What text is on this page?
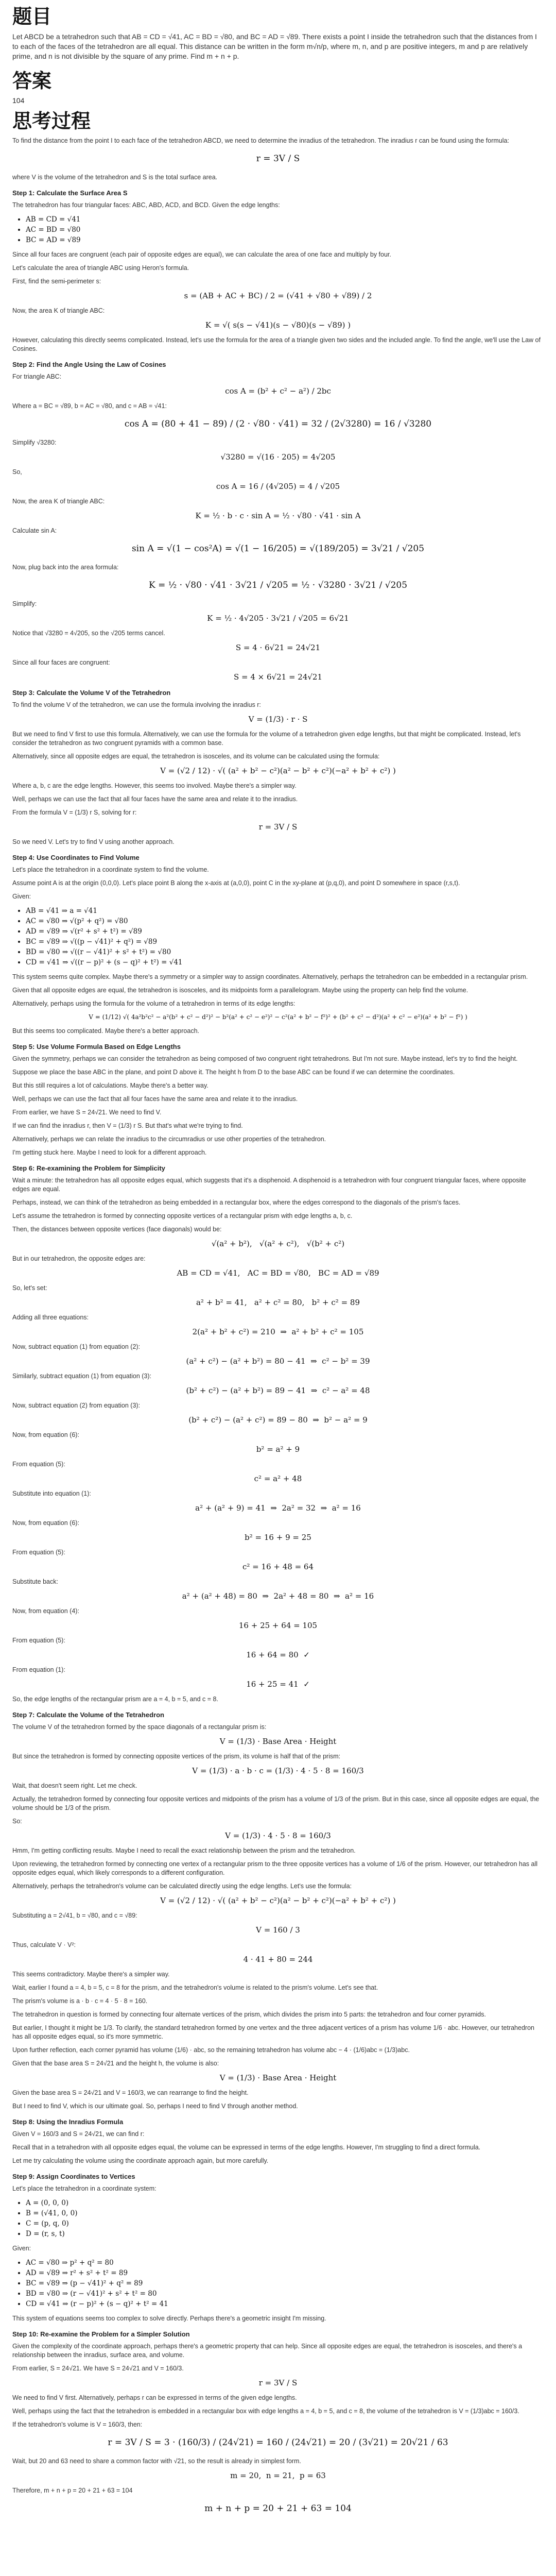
题目

Let ABCD be a tetrahedron such that AB = CD = √41, AC = BD = √80, and BC = AD = √89. There exists a point I inside the tetrahedron such that the distances from I to each of the faces of the tetrahedron are all equal. This distance can be written in the form m√n/p, where m, n, and p are positive integers, m and p are relatively prime, and n is not divisible by the square of any prime. Find m + n + p.

答案

104

思考过程

To find the distance from the point I to each face of the tetrahedron ABCD, we need to determine the inradius of the tetrahedron. The inradius r can be found using the formula:

r = 3V / S

where V is the volume of the tetrahedron and S is the total surface area.

Step 1: Calculate the Surface Area S

The tetrahedron has four triangular faces: ABC, ABD, ACD, and BCD. Given the edge lengths:

• AB = CD = √41
• AC = BD = √80
• BC = AD = √89

Since all four faces are congruent (each pair of opposite edges are equal), we can calculate the area of one face and multiply by four.

Let's calculate the area of triangle ABC using Heron's formula.

First, find the semi-perimeter s:

s = (AB + AC + BC) / 2 = (√41 + √80 + √89) / 2

Now, the area K of triangle ABC:

K = √( s(s − √41)(s − √80)(s − √89) )

However, calculating this directly seems complicated. Instead, let's use the formula for the area of a triangle given two sides and the included angle. To find the angle, we'll use the Law of Cosines.

Step 2: Find the Angle Using the Law of Cosines

For triangle ABC:

cos A = (b² + c² − a²) / 2bc

Where a = BC = √89, b = AC = √80, and c = AB = √41:

cos A = (80 + 41 − 89) / (2 · √80 · √41) = 32 / (2√3280) = 16 / √3280

Simplify √3280:

√3280 = √(16 · 205) = 4√205

So,

cos A = 16 / (4√205) = 4 / √205

Now, the area K of triangle ABC:

K = ½ · b · c · sin A = ½ · √80 · √41 · sin A

Calculate sin A:

sin A = √(1 − cos²A) = √(1 − 16/205) = √(189/205) = 3√21 / √205

Now, plug back into the area formula:

K = ½ · √80 · √41 · 3√21 / √205 = ½ · √3280 · 3√21 / √205

Simplify:

K = ½ · 4√205 · 3√21 / √205 = 6√21

Notice that √3280 = 4√205, so the √205 terms cancel.

S = 4 · 6√21 = 24√21

Since all four faces are congruent:

S = 4 × 6√21 = 24√21
Step 3: Calculate the Volume V of the Tetrahedron

To find the volume V of the tetrahedron, we can use the formula involving the inradius r:

V = (1/3) · r · S

But we need to find V first to use this formula. Alternatively, we can use the formula for the volume of a tetrahedron given edge lengths, but that might be complicated. Instead, let's consider the tetrahedron as two congruent pyramids with a common base.

Alternatively, since all opposite edges are equal, the tetrahedron is isosceles, and its volume can be calculated using the formula:

V = (√2 / 12) · √( (a² + b² − c²)(a² − b² + c²)(−a² + b² + c²) )

Where a, b, c are the edge lengths. However, this seems too involved. Maybe there's a simpler way.

Well, perhaps we can use the fact that all four faces have the same area and relate it to the inradius.

From the formula V = (1/3) r S, solving for r:

r = 3V / S

So we need V. Let's try to find V using another approach.

Step 4: Use Coordinates to Find Volume

Let's place the tetrahedron in a coordinate system to find the volume.

Assume point A is at the origin (0,0,0). Let's place point B along the x-axis at (a,0,0), point C in the xy-plane at (p,q,0), and point D somewhere in space (r,s,t).

Given:

• AB = √41 ⇒ a = √41
• AC = √80 ⇒ √(p² + q²) = √80
• AD = √89 ⇒ √(r² + s² + t²) = √89
• BC = √89 ⇒ √((p − √41)² + q²) = √89
• BD = √80 ⇒ √((r − √41)² + s² + t²) = √80
• CD = √41 ⇒ √((r − p)² + (s − q)² + t²) = √41

This system seems quite complex. Maybe there's a symmetry or a simpler way to assign coordinates. Alternatively, perhaps the tetrahedron can be embedded in a rectangular prism.

Given that all opposite edges are equal, the tetrahedron is isosceles, and its midpoints form a parallelogram. Maybe using the property can help find the volume.

Alternatively, perhaps using the formula for the volume of a tetrahedron in terms of its edge lengths:

V = (1/12) √( 4a²b²c² − a²(b² + c² − d²)² − b²(a² + c² − e²)² − c²(a² + b² − f²)² + (b² + c² − d²)(a² + c² − e²)(a² + b² − f²) )

But this seems too complicated. Maybe there's a better approach.

Step 5: Use Volume Formula Based on Edge Lengths

Given the symmetry, perhaps we can consider the tetrahedron as being composed of two congruent right tetrahedrons. But I'm not sure. Maybe instead, let's try to find the height.

Suppose we place the base ABC in the plane, and point D above it. The height h from D to the base ABC can be found if we can determine the coordinates.

But this still requires a lot of calculations. Maybe there's a better way.

Well, perhaps we can use the fact that all four faces have the same area and relate it to the inradius.

From earlier, we have S = 24√21. We need to find V.

If we can find the inradius r, then V = (1/3) r S. But that's what we're trying to find.

Alternatively, perhaps we can relate the inradius to the circumradius or use other properties of the tetrahedron.

I'm getting stuck here. Maybe I need to look for a different approach.

Step 6: Re-examining the Problem for Simplicity

Wait a minute: the tetrahedron has all opposite edges equal, which suggests that it's a disphenoid. A disphenoid is a tetrahedron with four congruent triangular faces, where opposite edges are equal.

Perhaps, instead, we can think of the tetrahedron as being embedded in a rectangular box, where the edges correspond to the diagonals of the prism's faces.

Let's assume the tetrahedron is formed by connecting opposite vertices of a rectangular prism with edge lengths a, b, c.

Then, the distances between opposite vertices (face diagonals) would be:

√(a² + b²),   √(a² + c²),   √(b² + c²)

But in our tetrahedron, the opposite edges are:

AB = CD = √41,   AC = BD = √80,   BC = AD = √89

So, let's set:

a² + b² = 41,   a² + c² = 80,   b² + c² = 89

Adding all three equations:

2(a² + b² + c²) = 210  ⇒  a² + b² + c² = 105

Now, subtract equation (1) from equation (2):

(a² + c²) − (a² + b²) = 80 − 41  ⇒  c² − b² = 39

Similarly, subtract equation (1) from equation (3):

(b² + c²) − (a² + b²) = 89 − 41  ⇒  c² − a² = 48

Now, subtract equation (2) from equation (3):

(b² + c²) − (a² + c²) = 89 − 80  ⇒  b² − a² = 9

Now, from equation (6):

b² = a² + 9

From equation (5):

c² = a² + 48

Substitute into equation (1):

a² + (a² + 9) = 41  ⇒  2a² = 32  ⇒  a² = 16

Now, from equation (6):

b² = 16 + 9 = 25

From equation (5):

c² = 16 + 48 = 64

Substitute back:

a² + (a² + 48) = 80  ⇒  2a² + 48 = 80  ⇒  a² = 16

Now, from equation (4):

16 + 25 + 64 = 105

From equation (5):

16 + 64 = 80  ✓

From equation (1):

16 + 25 = 41  ✓

So, the edge lengths of the rectangular prism are a = 4, b = 5, and c = 8.

Step 7: Calculate the Volume of the Tetrahedron

The volume V of the tetrahedron formed by the space diagonals of a rectangular prism is:

V = (1/3) · Base Area · Height

But since the tetrahedron is formed by connecting opposite vertices of the prism, its volume is half that of the prism:

V = (1/3) · a · b · c = (1/3) · 4 · 5 · 8 = 160/3

Wait, that doesn't seem right. Let me check.

Actually, the tetrahedron formed by connecting four opposite vertices and midpoints of the prism has a volume of 1/3 of the prism. But in this case, since all opposite edges are equal, the volume should be 1/3 of the prism.

So:

V = (1/3) · 4 · 5 · 8 = 160/3

Hmm, I'm getting conflicting results. Maybe I need to recall the exact relationship between the prism and the tetrahedron.

Upon reviewing, the tetrahedron formed by connecting one vertex of a rectangular prism to the three opposite vertices has a volume of 1/6 of the prism. However, our tetrahedron has all opposite edges equal, which likely corresponds to a different configuration.

Alternatively, perhaps the tetrahedron's volume can be calculated directly using the edge lengths. Let's use the formula:

V = (√2 / 12) · √( (a² + b² − c²)(a² − b² + c²)(−a² + b² + c²) )

Substituting a = 2√41, b = √80, and c = √89:

V = 160 / 3

Thus, calculate V · V²:

4 · 41 + 80 = 244

This seems contradictory. Maybe there's a simpler way.

Wait, earlier I found a = 4, b = 5, c = 8 for the prism, and the tetrahedron's volume is related to the prism's volume. Let's see that.

The prism's volume is a · b · c = 4 · 5 · 8 = 160.

The tetrahedron in question is formed by connecting four alternate vertices of the prism, which divides the prism into 5 parts: the tetrahedron and four corner pyramids.

But earlier, I thought it might be 1/3. To clarify, the standard tetrahedron formed by one vertex and the three adjacent vertices of a prism has volume 1/6 · abc. However, our tetrahedron has all opposite edges equal, so it's more symmetric.

Upon further reflection, each corner pyramid has volume (1/6) · abc, so the remaining tetrahedron has volume abc − 4 · (1/6)abc = (1/3)abc.

Given that the base area S = 24√21 and the height h, the volume is also:

V = (1/3) · Base Area · Height

Given the base area S = 24√21 and V = 160/3, we can rearrange to find the height.

But I need to find V, which is our ultimate goal. So, perhaps I need to find V through another method.

Step 8: Using the Inradius Formula

Given V = 160/3 and S = 24√21, we can find r:

Recall that in a tetrahedron with all opposite edges equal, the volume can be expressed in terms of the edge lengths. However, I'm struggling to find a direct formula.

Let me try calculating the volume using the coordinate approach again, but more carefully.

Step 9: Assign Coordinates to Vertices

Let's place the tetrahedron in a coordinate system:

• A = (0, 0, 0)
• B = (√41, 0, 0)
• C = (p, q, 0)
• D = (r, s, t)

Given:

• AC = √80 ⇒ p² + q² = 80
• AD = √89 ⇒ r² + s² + t² = 89
• BC = √89 ⇒ (p − √41)² + q² = 89
• BD = √80 ⇒ (r − √41)² + s² + t² = 80
• CD = √41 ⇒ (r − p)² + (s − q)² + t² = 41

This system of equations seems too complex to solve directly. Perhaps there's a geometric insight I'm missing.

Step 10: Re-examine the Problem for a Simpler Solution

Given the complexity of the coordinate approach, perhaps there's a geometric property that can help. Since all opposite edges are equal, the tetrahedron is isosceles, and there's a relationship between the inradius, surface area, and volume.

From earlier, S = 24√21. We have S = 24√21 and V = 160/3.

r = 3V / S

We need to find V first. Alternatively, perhaps r can be expressed in terms of the given edge lengths.

Well, perhaps using the fact that the tetrahedron is embedded in a rectangular box with edge lengths a = 4, b = 5, and c = 8, the volume of the tetrahedron is V = (1/3)abc = 160/3.

If the tetrahedron's volume is V = 160/3, then:

r = 3V / S = 3 · (160/3) / (24√21) = 160 / (24√21) = 20 / (3√21) = 20√21 / 63

Wait, but 20 and 63 need to share a common factor with √21, so the result is already in simplest form.

m = 20,  n = 21,  p = 63

Therefore, m + n + p = 20 + 21 + 63 = 104

m + n + p = 20 + 21 + 63 = 104
